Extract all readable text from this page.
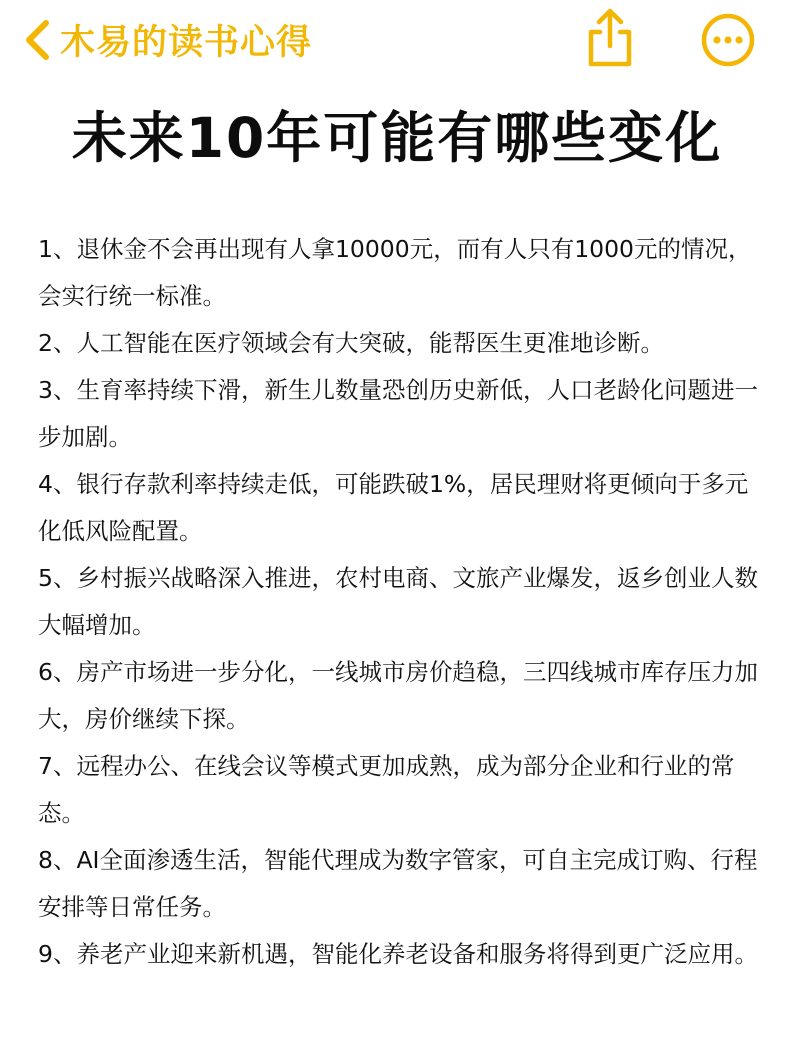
木易的读书心得
未来10年可能有哪些变化

1、退休金不会再出现有人拿10000元，而有人只有1000元的情况，会实行统一标准。

2、人工智能在医疗领域会有大突破，能帮医生更准地诊断。

3、生育率持续下滑，新生儿数量恐创历史新低，人口老龄化问题进一步加剧。

4、银行存款利率持续走低，可能跌破1%，居民理财将更倾向于多元化低风险配置。

5、乡村振兴战略深入推进，农村电商、文旅产业爆发，返乡创业人数大幅增加。

6、房产市场进一步分化，一线城市房价趋稳，三四线城市库存压力加大，房价继续下探。

7、远程办公、在线会议等模式更加成熟，成为部分企业和行业的常态。

8、AI全面渗透生活，智能代理成为数字管家，可自主完成订购、行程安排等日常任务。

9、养老产业迎来新机遇，智能化养老设备和服务将得到更广泛应用。
